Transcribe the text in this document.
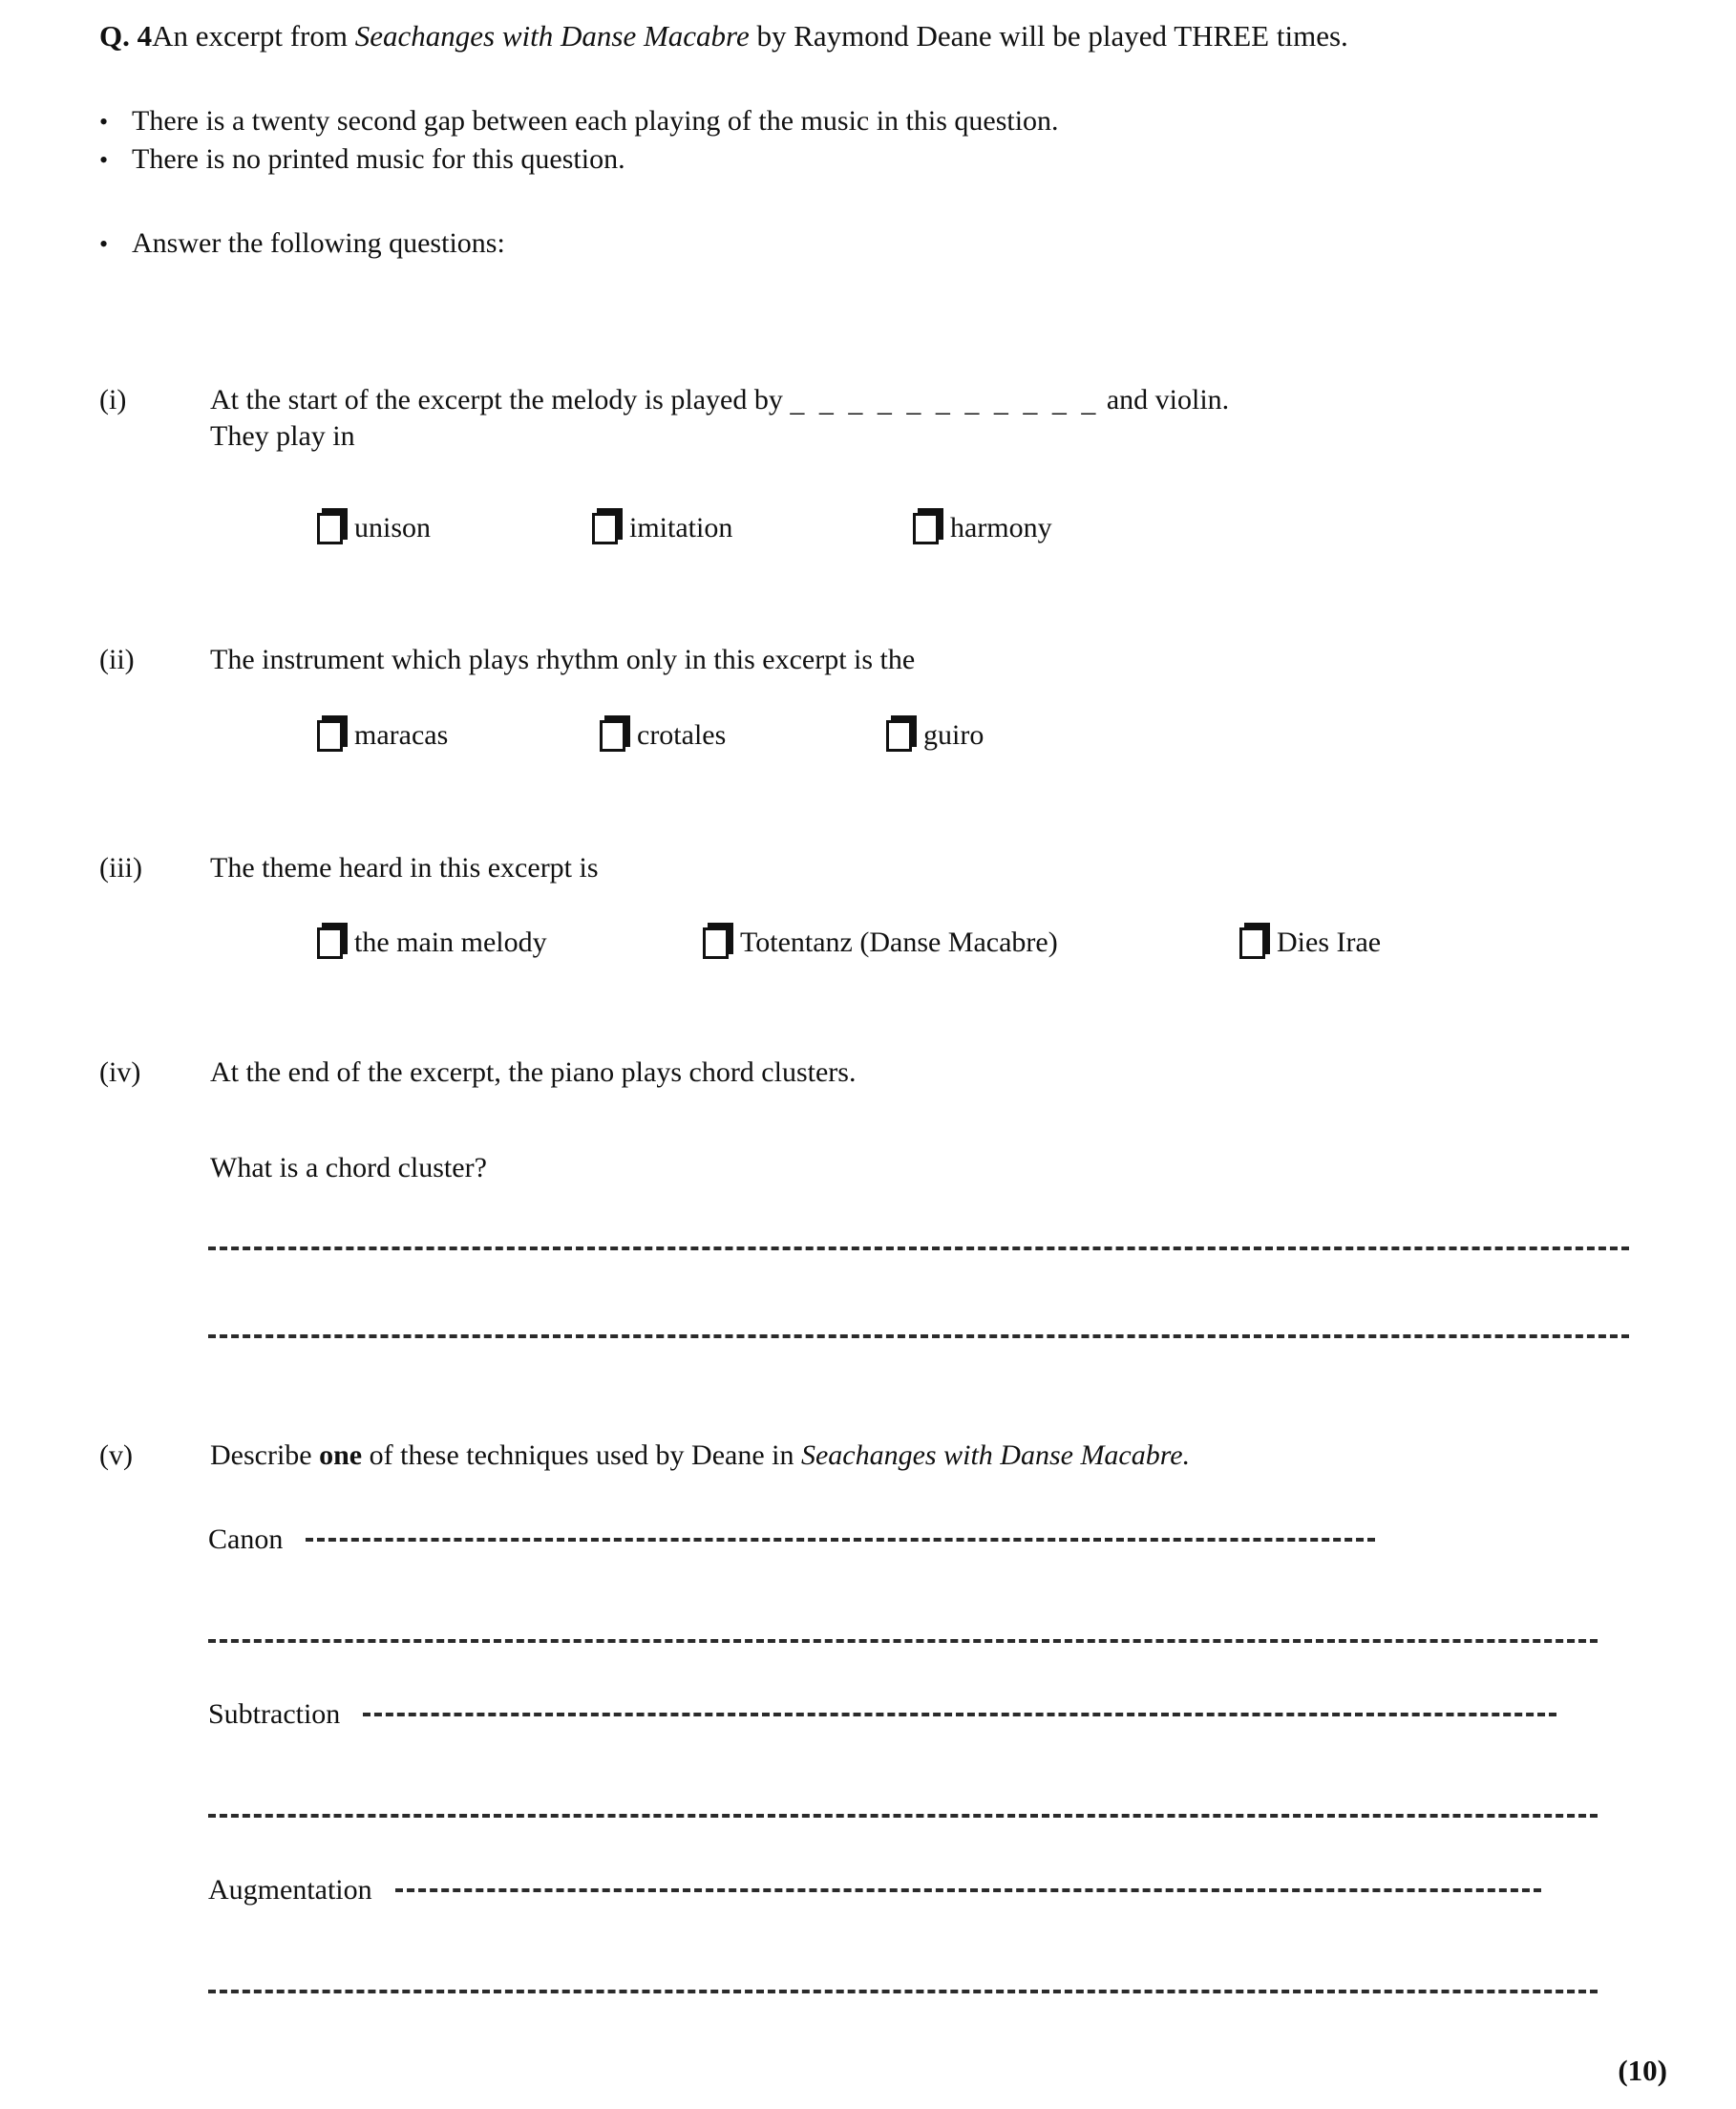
Q. 4An excerpt from Seachanges with Danse Macabre by Raymond Deane will be played THREE times.
• There is a twenty second gap between each playing of the music in this question.
• There is no printed music for this question.
• Answer the following questions:
(i)	At the start of the excerpt the melody is played by _ _ _ _ _ _ _ _ _ _ _ and violin.
They play in
unison	imitation	harmony
(ii)	The instrument which plays rhythm only in this excerpt is the
maracas	crotales	guiro
(iii)	The theme heard in this excerpt is
the main melody	Totentanz (Danse Macabre)	Dies Irae
(iv)	At the end of the excerpt, the piano plays chord clusters.
What is a chord cluster?
(v)	Describe one of these techniques used by Deane in Seachanges with Danse Macabre.
Canon
Subtraction
Augmentation
(10)
